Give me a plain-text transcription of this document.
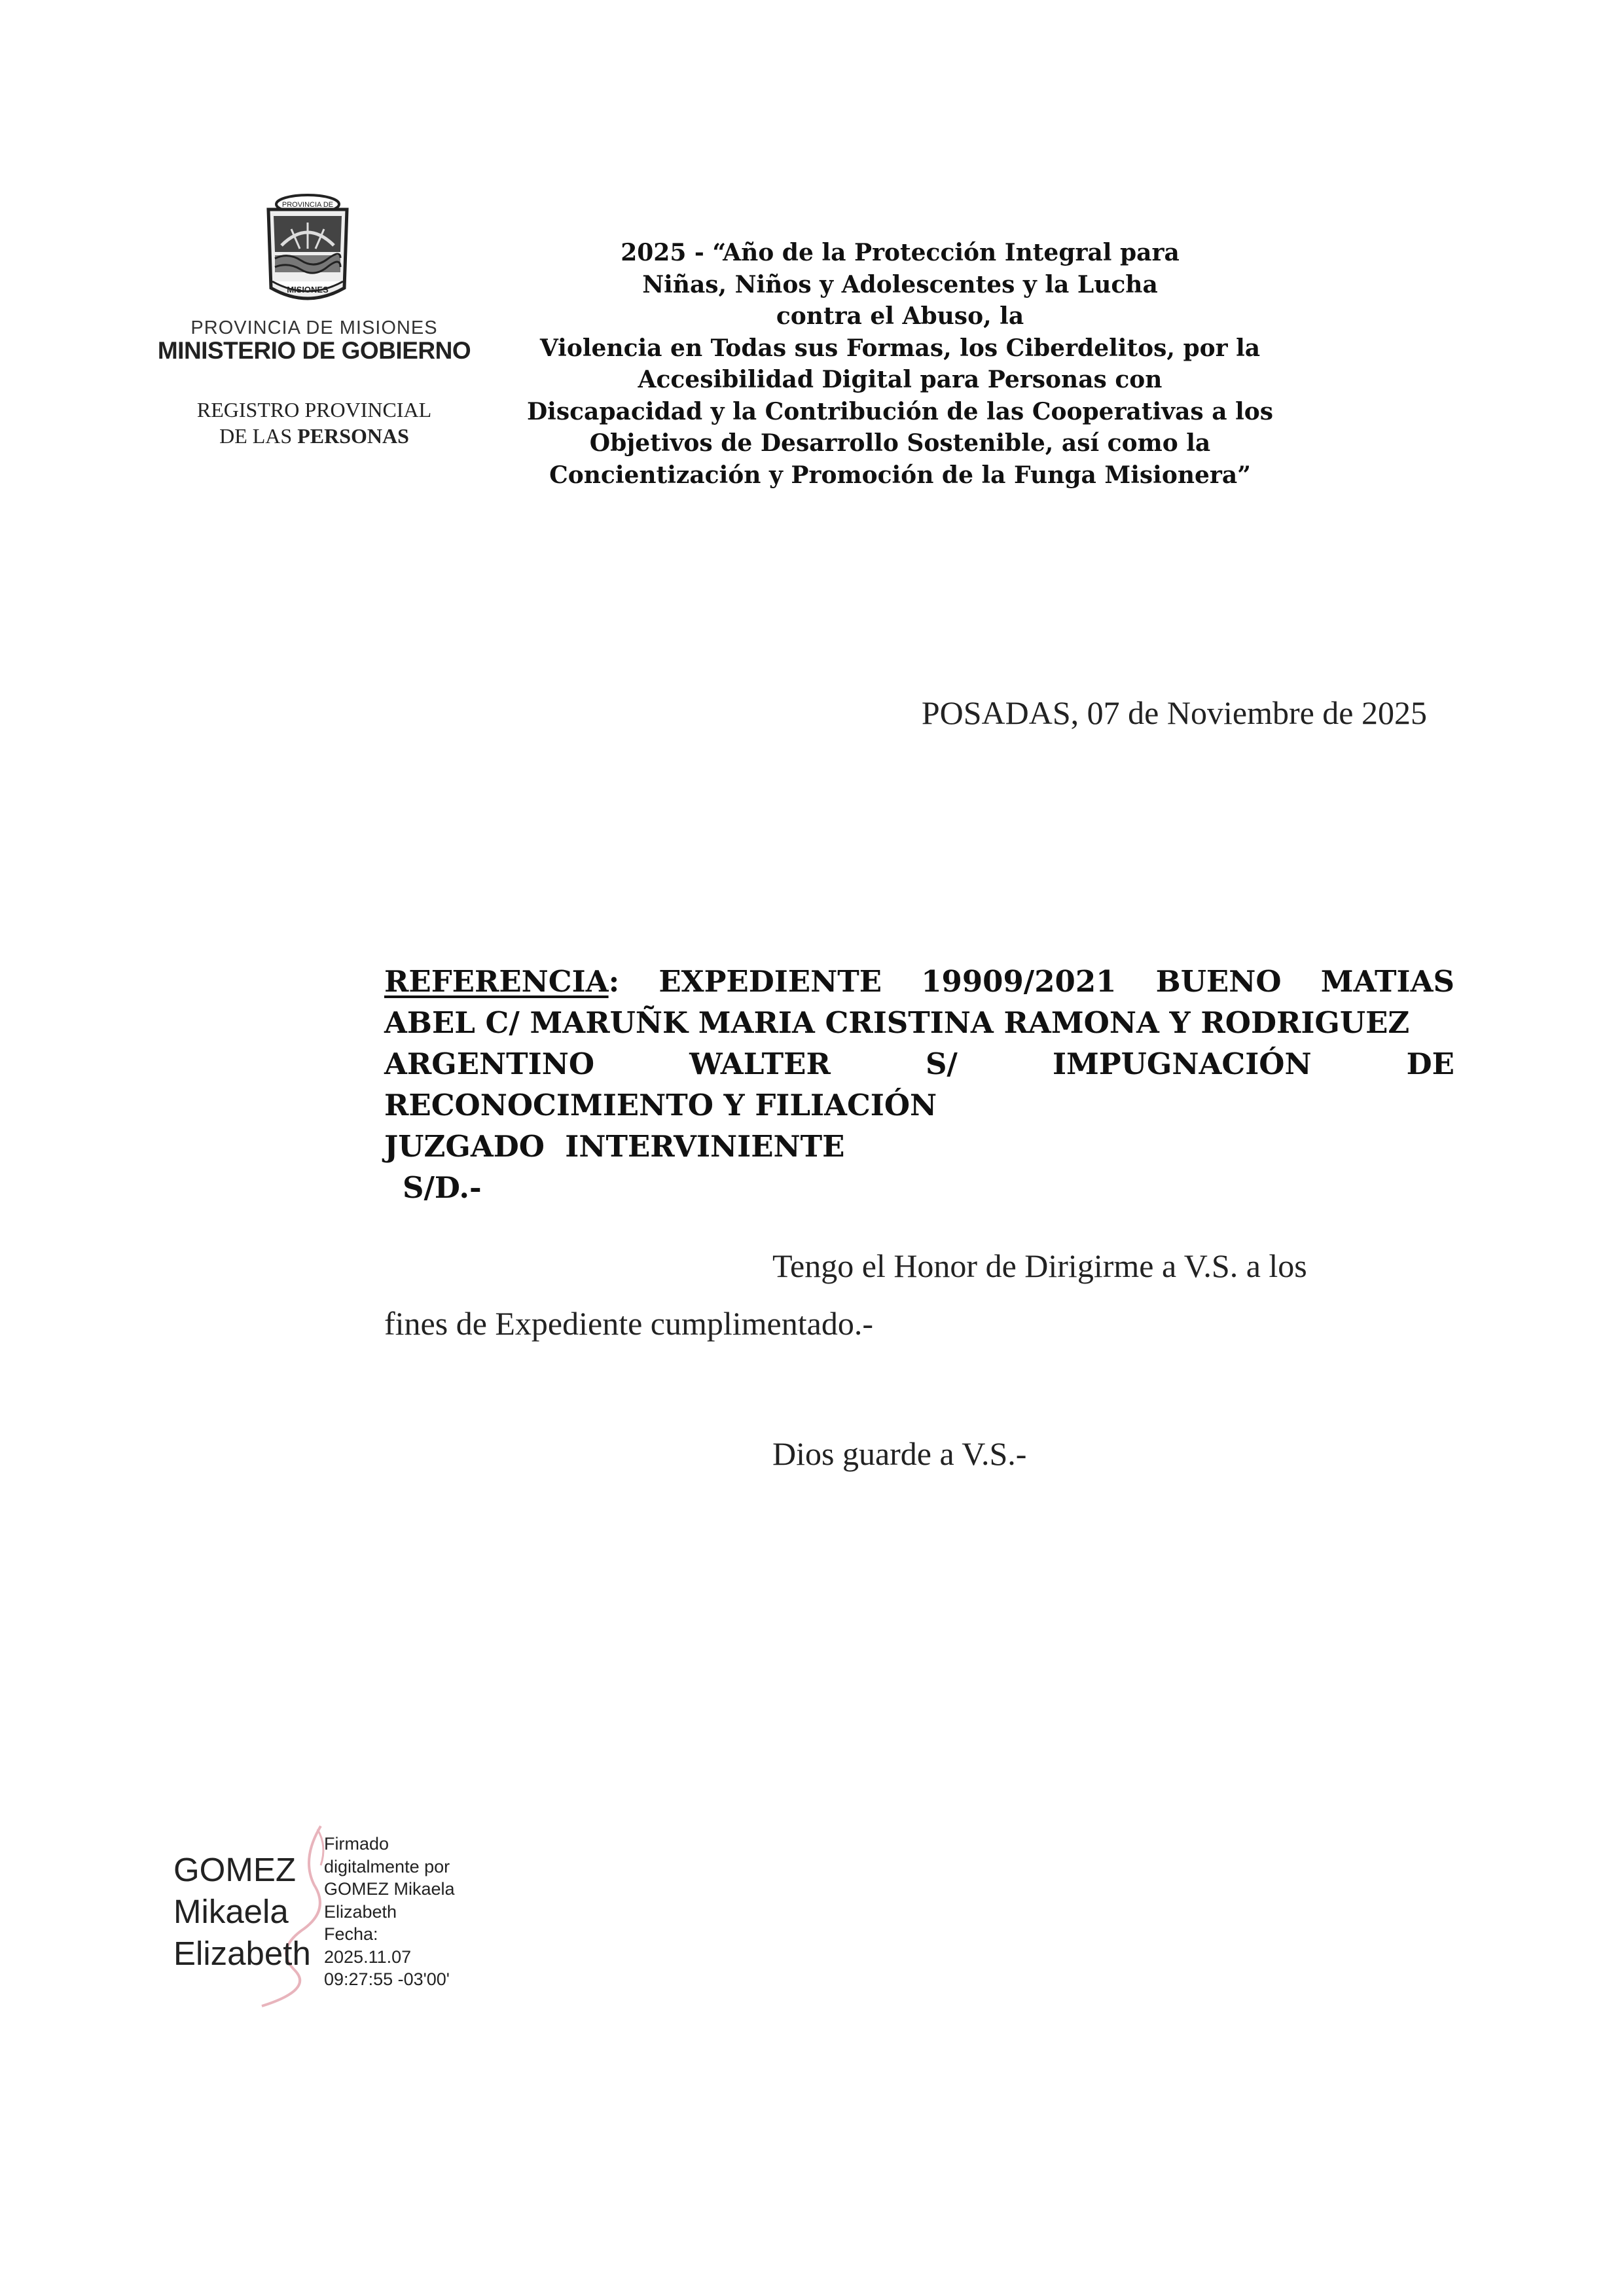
MISIONES
PROVINCIA DE
PROVINCIA DE MISIONES
MINISTERIO DE GOBIERNO
REGISTRO PROVINCIAL
DE LAS PERSONAS
2025 - “Año de la Protección Integral para
Niñas, Niños y Adolescentes y la Lucha
contra el Abuso, la
Violencia en Todas sus Formas, los Ciberdelitos, por la
Accesibilidad Digital para Personas con
Discapacidad y la Contribución de las Cooperativas a los
Objetivos de Desarrollo Sostenible, así como la
Concientización y Promoción de la Funga Misionera”
POSADAS, 07 de Noviembre de 2025
REFERENCIA: EXPEDIENTE 19909/2021 BUENO MATIAS
ABEL C/ MARUÑK MARIA CRISTINA RAMONA Y RODRIGUEZ
ARGENTINO	WALTER	S/	IMPUGNACIÓN	DE
RECONOCIMIENTO Y FILIACIÓN
JUZGADO  INTERVINIENTE
S/D.-
Tengo el Honor de Dirigirme a V.S. a los
fines de Expediente cumplimentado.-
Dios guarde a V.S.-
GOMEZ
Mikaela
Elizabeth
Firmado
digitalmente por
GOMEZ Mikaela
Elizabeth
Fecha:
2025.11.07
09:27:55 -03'00'
